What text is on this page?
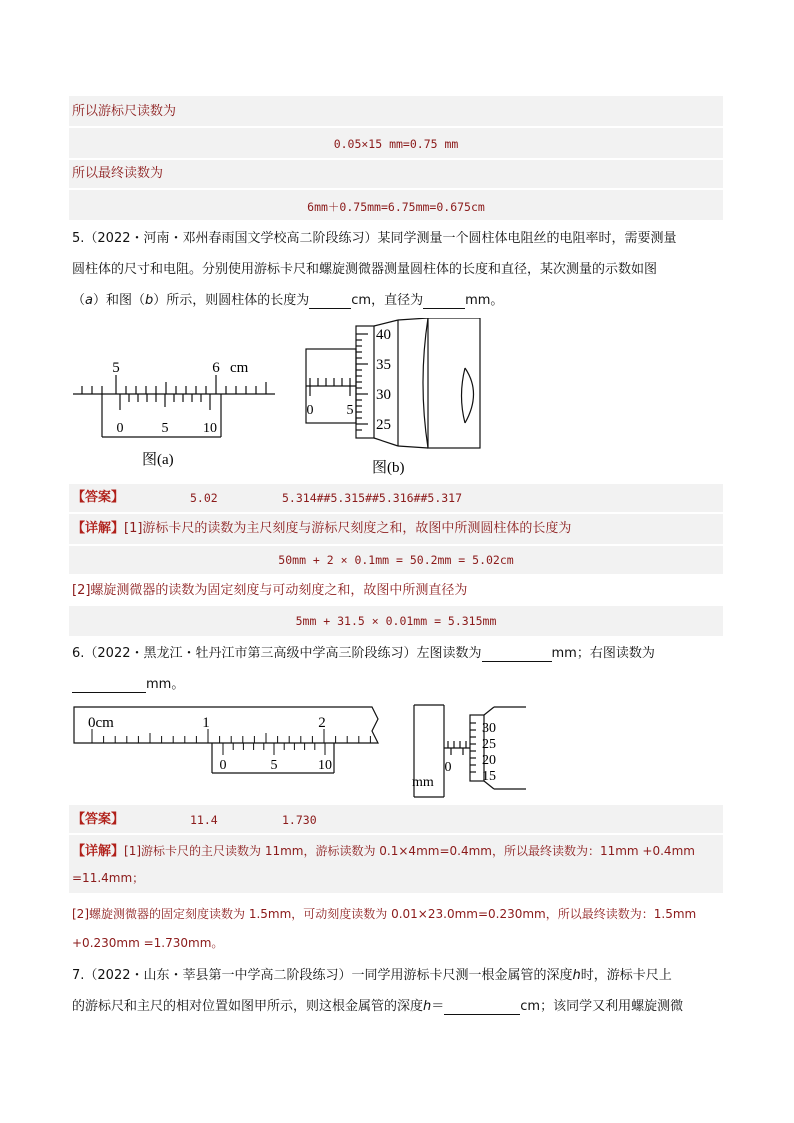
所以游标尺读数为
0.05×15 mm=0.75 mm
所以最终读数为
6mm＋0.75mm=6.75mm=0.675cm
5.（2022・河南・邓州春雨国文学校高二阶段练习）某同学测量一个圆柱体电阻丝的电阻率时，需要测量
圆柱体的尺寸和电阻。分别使用游标卡尺和螺旋测微器测量圆柱体的长度和直径，某次测量的示数如图
（a）和图（b）所示，则圆柱体的长度为	cm，直径为	mm。
5	6 cm
0	5 10
图(a)
0 5
40
35
30
25
图(b)
【答案】	5.02	5.314##5.315##5.316##5.317
【详解】[1]游标卡尺的读数为主尺刻度与游标尺刻度之和，故图中所测圆柱体的长度为
50mm + 2 × 0.1mm = 50.2mm = 5.02cm
[2]螺旋测微器的读数为固定刻度与可动刻度之和，故图中所测直径为
5mm + 31.5 × 0.01mm = 5.315mm
6.（2022・黑龙江・牡丹江市第三高级中学高三阶段练习）左图读数为	mm；右图读数为
mm。
0cm	1	2
0	5	10	0
mm
30
25
20
15
【答案】	11.4	1.730
【详解】[1]游标卡尺的主尺读数为 11mm，游标读数为 0.1×4mm=0.4mm，所以最终读数为：11mm +0.4mm
=11.4mm；
[2]螺旋测微器的固定刻度读数为 1.5mm，可动刻度读数为 0.01×23.0mm=0.230mm，所以最终读数为：1.5mm
+0.230mm =1.730mm。
7.（2022・山东・莘县第一中学高二阶段练习）一同学用游标卡尺测一根金属管的深度h时，游标卡尺上
的游标尺和主尺的相对位置如图甲所示，则这根金属管的深度h＝	cm；该同学又利用螺旋测微
